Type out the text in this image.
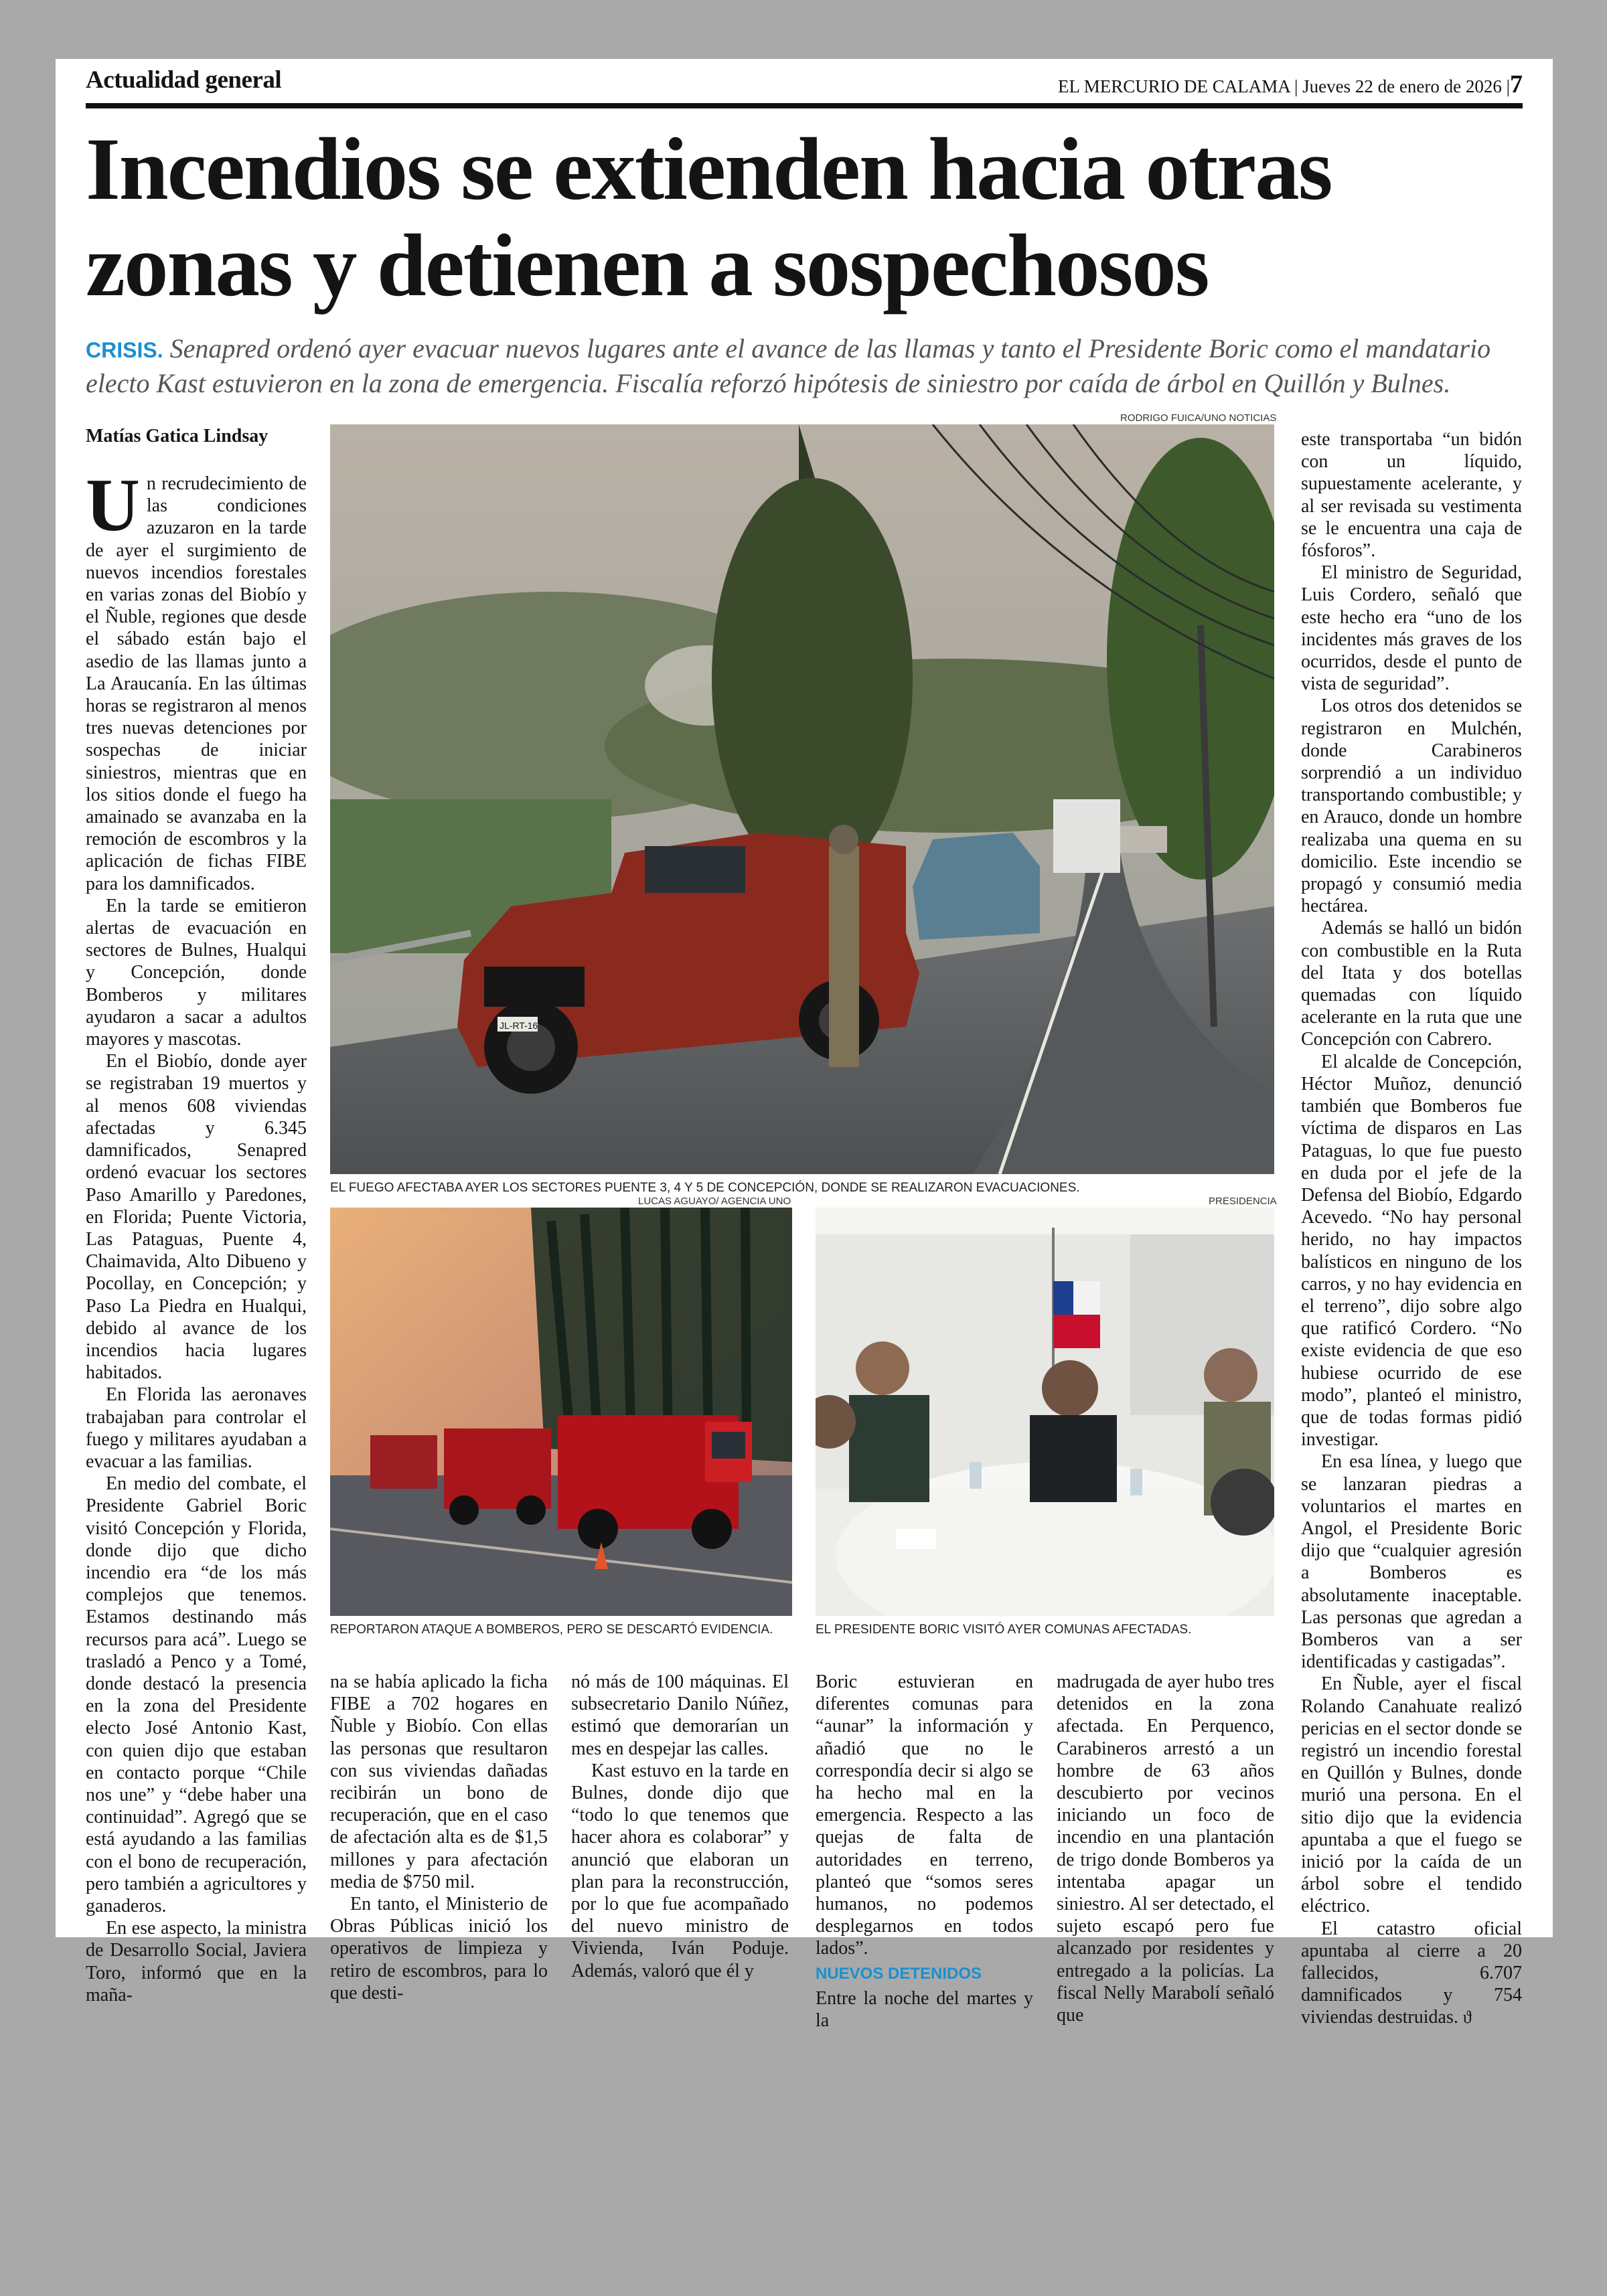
Actualidad general	EL MERCURIO DE CALAMA | Jueves 22 de enero de 2026 |7
Incendios se extienden hacia otras zonas y detienen a sospechosos
CRISIS. Senapred ordenó ayer evacuar nuevos lugares ante el avance de las llamas y tanto el Presidente Boric como el mandatario electo Kast estuvieron en la zona de emergencia. Fiscalía reforzó hipótesis de siniestro por caída de árbol en Quillón y Bulnes.
Matías Gatica Lindsay

Un recrudecimiento de las condiciones azuzaron en la tarde de ayer el surgimiento de nuevos incendios forestales en varias zonas del Biobío y el Ñuble, regiones que desde el sábado están bajo el asedio de las llamas junto a La Araucanía. En las últimas horas se registraron al menos tres nuevas detenciones por sospechas de iniciar siniestros, mientras que en los sitios donde el fuego ha amainado se avanzaba en la remoción de escombros y la aplicación de fichas FIBE para los damnificados.

En la tarde se emitieron alertas de evacuación en sectores de Bulnes, Hualqui y Concepción, donde Bomberos y militares ayudaron a sacar a adultos mayores y mascotas.

En el Biobío, donde ayer se registraban 19 muertos y al menos 608 viviendas afectadas y 6.345 damnificados, Senapred ordenó evacuar los sectores Paso Amarillo y Paredones, en Florida; Puente Victoria, Las Pataguas, Puente 4, Chaimavida, Alto Dibueno y Pocollay, en Concepción; y Paso La Piedra en Hualqui, debido al avance de los incendios hacia lugares habitados.

En Florida las aeronaves trabajaban para controlar el fuego y militares ayudaban a evacuar a las familias.

En medio del combate, el Presidente Gabriel Boric visitó Concepción y Florida, donde dijo que dicho incendio era “de los más complejos que tenemos. Estamos destinando más recursos para acá”. Luego se trasladó a Penco y a Tomé, donde destacó la presencia en la zona del Presidente electo José Antonio Kast, con quien dijo que estaban en contacto porque “Chile nos une” y “debe haber una continuidad”. Agregó que se está ayudando a las familias con el bono de recuperación, pero también a agricultores y ganaderos.

En ese aspecto, la ministra de Desarrollo Social, Javiera Toro, informó que en la maña-

RODRIGO FUICA/UNO NOTICIAS
JL-RT-16
EL FUEGO AFECTABA AYER LOS SECTORES PUENTE 3, 4 Y 5 DE CONCEPCIÓN, DONDE SE REALIZARON EVACUACIONES.
LUCAS AGUAYO/ AGENCIA UNO
REPORTARON ATAQUE A BOMBEROS, PERO SE DESCARTÓ EVIDENCIA.
PRESIDENCIA
EL PRESIDENTE BORIC VISITÓ AYER COMUNAS AFECTADAS.

na se había aplicado la ficha FIBE a 702 hogares en Ñuble y Biobío. Con ellas las personas que resultaron con sus viviendas dañadas recibirán un bono de recuperación, que en el caso de afectación alta es de $1,5 millones y para afectación media de $750 mil.

En tanto, el Ministerio de Obras Públicas inició los operativos de limpieza y retiro de escombros, para lo que desti-

nó más de 100 máquinas. El subsecretario Danilo Núñez, estimó que demorarían un mes en despejar las calles.

Kast estuvo en la tarde en Bulnes, donde dijo que “todo lo que tenemos que hacer ahora es colaborar” y anunció que elaboran un plan para la reconstrucción, por lo que fue acompañado del nuevo ministro de Vivienda, Iván Poduje. Además, valoró que él y

Boric estuvieran en diferentes comunas para “aunar” la información y añadió que no le correspondía decir si algo se ha hecho mal en la emergencia. Respecto a las quejas de falta de autoridades en terreno, planteó que “somos seres humanos, no podemos desplegarnos en todos lados”.

NUEVOS DETENIDOS

Entre la noche del martes y la

madrugada de ayer hubo tres detenidos en la zona afectada. En Perquenco, Carabineros arrestó a un hombre de 63 años descubierto por vecinos iniciando un foco de incendio en una plantación de trigo donde Bomberos ya intentaba apagar un siniestro. Al ser detectado, el sujeto escapó pero fue alcanzado por residentes y entregado a la policías. La fiscal Nelly Marabolí señaló que

este transportaba “un bidón con un líquido, supuestamente acelerante, y al ser revisada su vestimenta se le encuentra una caja de fósforos”.

El ministro de Seguridad, Luis Cordero, señaló que este hecho era “uno de los incidentes más graves de los ocurridos, desde el punto de vista de seguridad”.

Los otros dos detenidos se registraron en Mulchén, donde Carabineros sorprendió a un individuo transportando combustible; y en Arauco, donde un hombre realizaba una quema en su domicilio. Este incendio se propagó y consumió media hectárea.

Además se halló un bidón con combustible en la Ruta del Itata y dos botellas quemadas con líquido acelerante en la ruta que une Concepción con Cabrero.

El alcalde de Concepción, Héctor Muñoz, denunció también que Bomberos fue víctima de disparos en Las Pataguas, lo que fue puesto en duda por el jefe de la Defensa del Biobío, Edgardo Acevedo. “No hay personal herido, no hay impactos balísticos en ninguno de los carros, y no hay evidencia en el terreno”, dijo sobre algo que ratificó Cordero. “No existe evidencia de que eso hubiese ocurrido de ese modo”, planteó el ministro, que de todas formas pidió investigar.

En esa línea, y luego que se lanzaran piedras a voluntarios el martes en Angol, el Presidente Boric dijo que “cualquier agresión a Bomberos es absolutamente inaceptable. Las personas que agredan a Bomberos van a ser identificadas y castigadas”.

En Ñuble, ayer el fiscal Rolando Canahuate realizó pericias en el sector donde se registró un incendio forestal en Quillón y Bulnes, donde murió una persona. En el sitio dijo que la evidencia apuntaba a que el fuego se inició por la caída de un árbol sobre el tendido eléctrico.

El catastro oficial apuntaba al cierre a 20 fallecidos, 6.707 damnificados y 754 viviendas destruidas. ϑ
